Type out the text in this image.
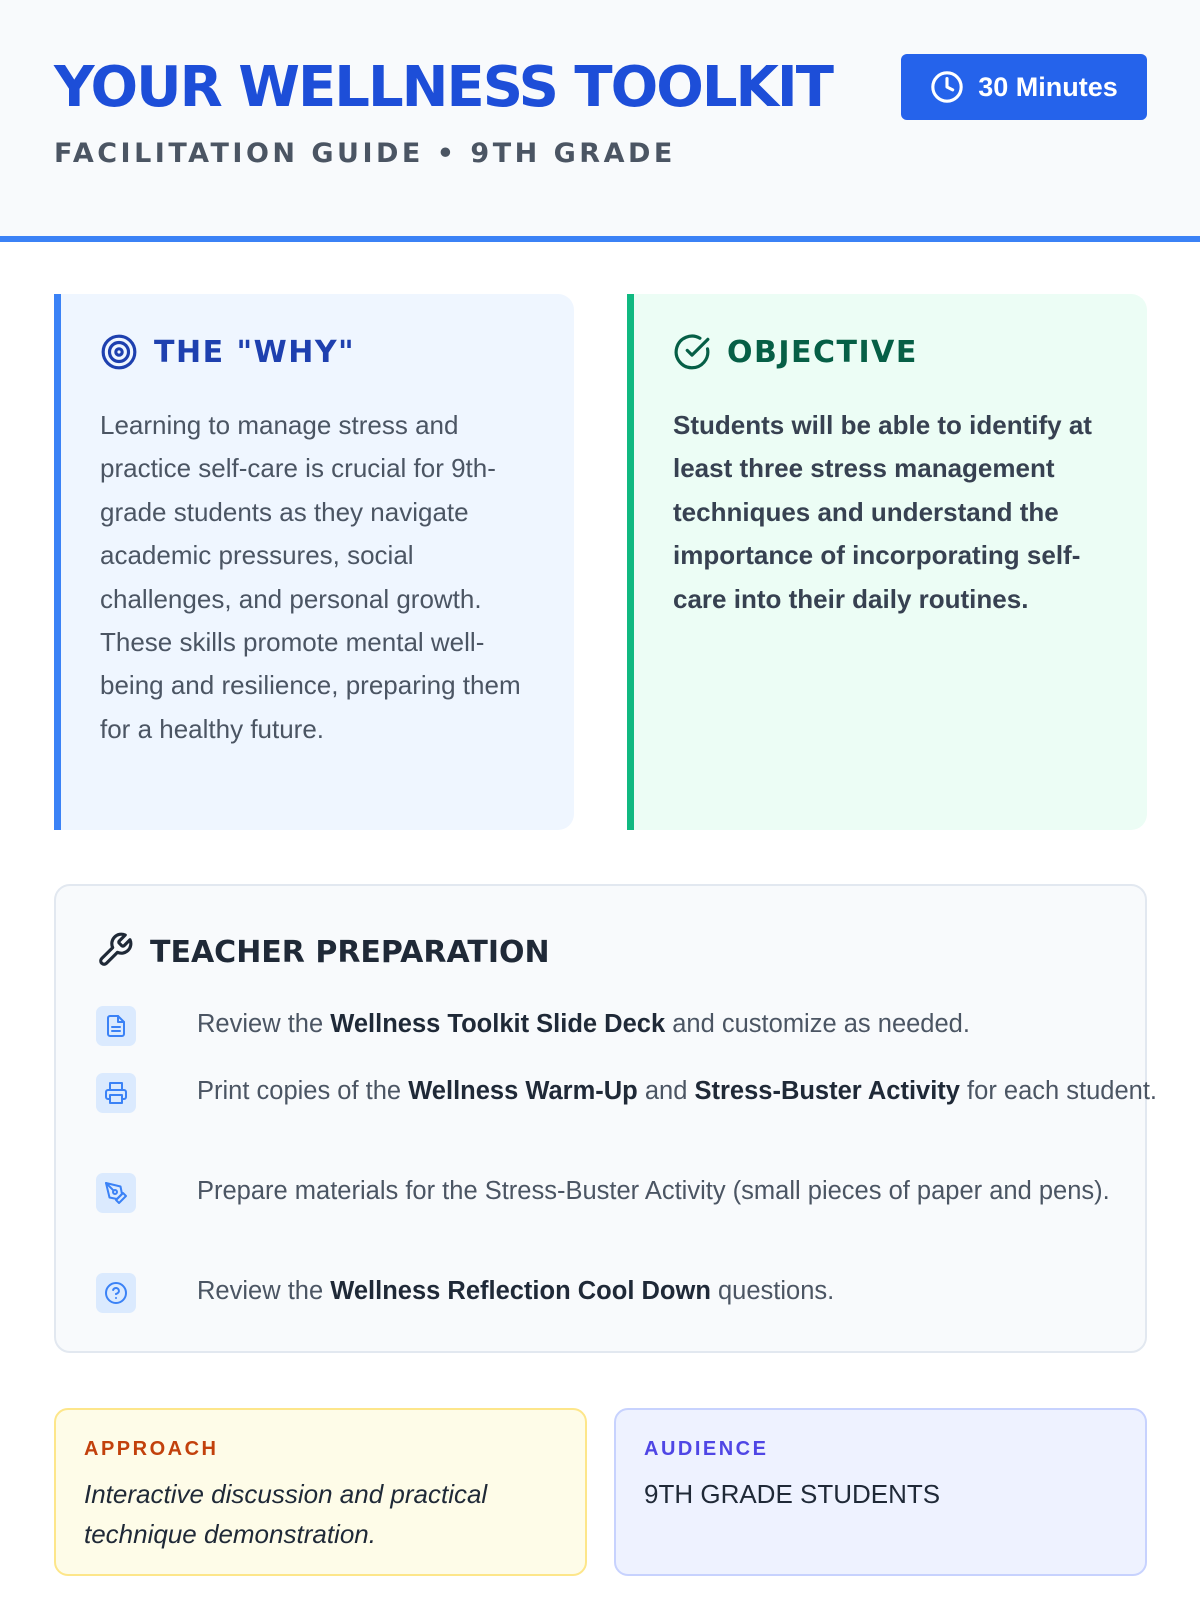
YOUR WELLNESS TOOLKIT	30 Minutes
FACILITATION GUIDE • 9TH GRADE
THE "WHY"

Learning to manage stress and practice self-care is crucial for 9th-grade students as they navigate academic pressures, social challenges, and personal growth. These skills promote mental well-being and resilience, preparing them for a healthy future.

OBJECTIVE

Students will be able to identify at least three stress management techniques and understand the importance of incorporating self-care into their daily routines.

TEACHER PREPARATION

Review the Wellness Toolkit Slide Deck and customize as needed.

Print copies of the Wellness Warm-Up and Stress-Buster Activity for each student.

Prepare materials for the Stress-Buster Activity (small pieces of paper and pens).

Review the Wellness Reflection Cool Down questions.

APPROACH

Interactive discussion and practical technique demonstration.

AUDIENCE

9TH GRADE STUDENTS
